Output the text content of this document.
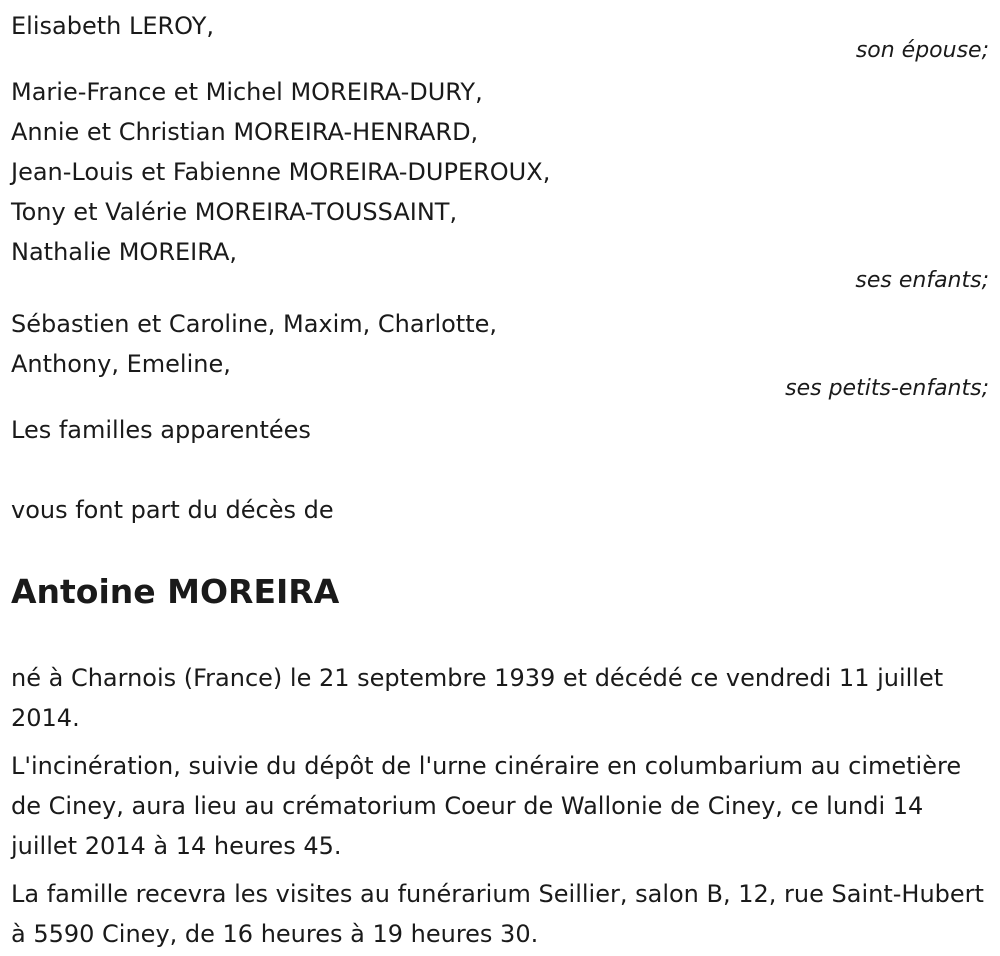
Elisabeth LEROY,

son épouse;

Marie-France et Michel MOREIRA-DURY,

Annie et Christian MOREIRA-HENRARD,

Jean-Louis et Fabienne MOREIRA-DUPEROUX,

Tony et Valérie MOREIRA-TOUSSAINT,

Nathalie MOREIRA,

ses enfants;

Sébastien et Caroline, Maxim, Charlotte,

Anthony, Emeline,

ses petits-enfants;

Les familles apparentées

vous font part du décès de

Antoine MOREIRA

né à Charnois (France) le 21 septembre 1939 et décédé ce vendredi 11 juillet 2014.

L'incinération, suivie du dépôt de l'urne cinéraire en columbarium au cimetière de Ciney, aura lieu au crématorium Coeur de Wallonie de Ciney, ce lundi 14 juillet 2014 à 14 heures 45.

La famille recevra les visites au funérarium Seillier, salon B, 12, rue Saint-Hubert à 5590 Ciney, de 16 heures à 19 heures 30.
